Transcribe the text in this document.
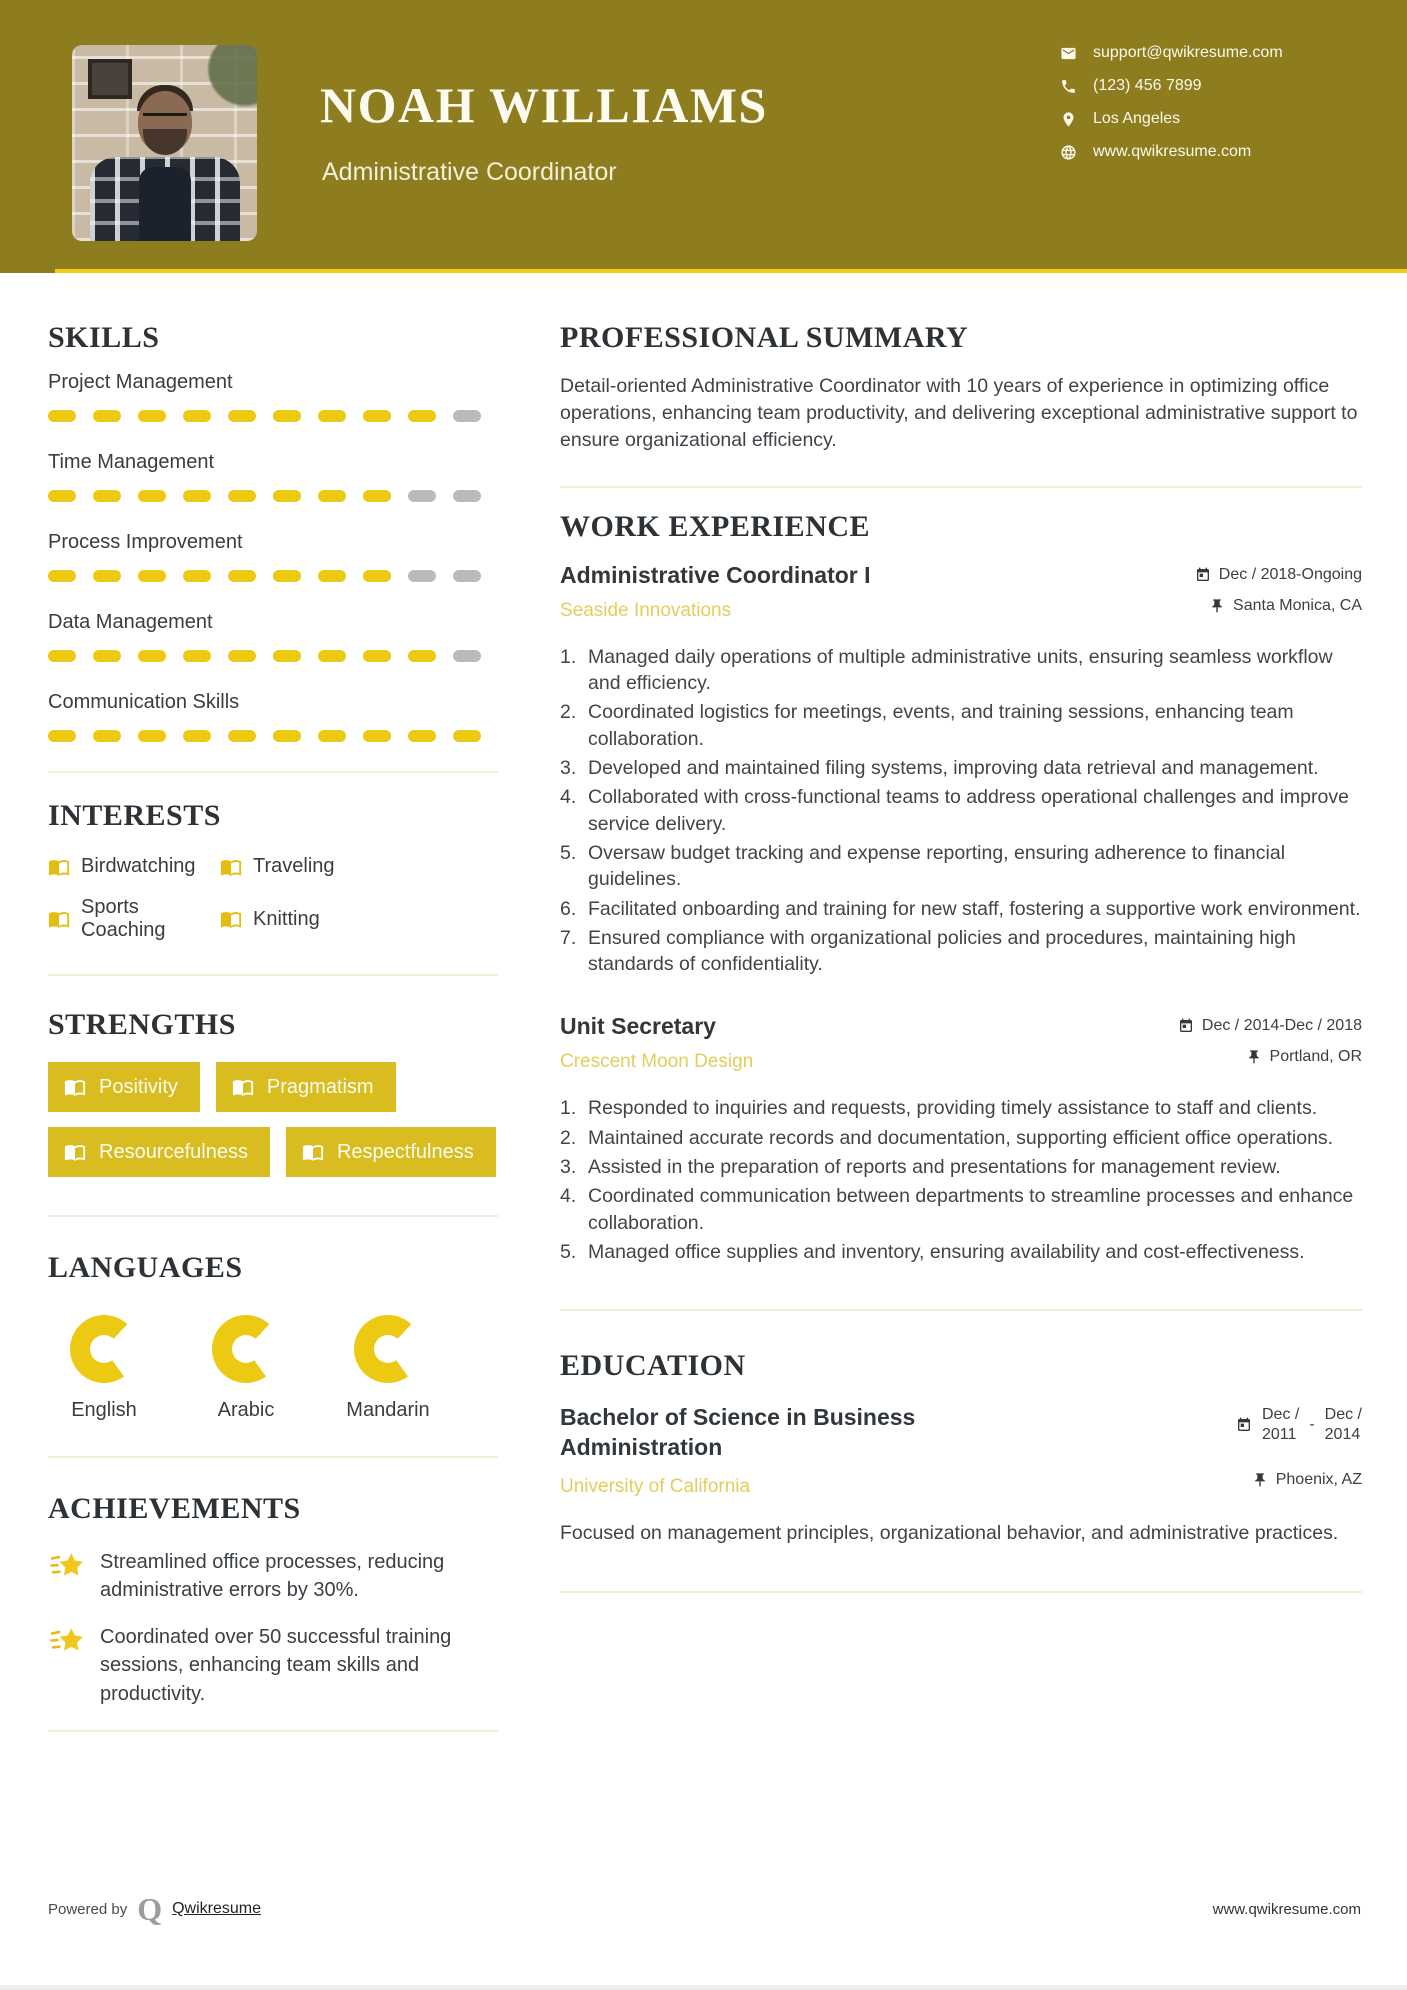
NOAH WILLIAMS
Administrative Coordinator
support@qwikresume.com
(123) 456 7899
Los Angeles
www.qwikresume.com
SKILLS
Project Management
Time Management
Process Improvement
Data Management
Communication Skills
INTERESTS
Birdwatching	Traveling
Sports Coaching
Knitting
STRENGTHS
Positivity	Pragmatism
Resourcefulness	Respectfulness
LANGUAGES
English	Arabic	Mandarin
ACHIEVEMENTS
Streamlined office processes, reducing administrative errors by 30%.
Coordinated over 50 successful training sessions, enhancing team skills and productivity.
PROFESSIONAL SUMMARY

Detail-oriented Administrative Coordinator with 10 years of experience in optimizing office operations, enhancing team productivity, and delivering exceptional administrative support to ensure organizational efficiency.

WORK EXPERIENCE
Administrative Coordinator I
Seaside Innovations
Dec / 2018-Ongoing
Santa Monica, CA
Managed daily operations of multiple administrative units, ensuring seamless workflow and efficiency.
Coordinated logistics for meetings, events, and training sessions, enhancing team collaboration.
Developed and maintained filing systems, improving data retrieval and management.
Collaborated with cross-functional teams to address operational challenges and improve service delivery.
Oversaw budget tracking and expense reporting, ensuring adherence to financial guidelines.
Facilitated onboarding and training for new staff, fostering a supportive work environment.
Ensured compliance with organizational policies and procedures, maintaining high standards of confidentiality.
Unit Secretary
Crescent Moon Design
Dec / 2014-Dec / 2018
Portland, OR
Responded to inquiries and requests, providing timely assistance to staff and clients.
Maintained accurate records and documentation, supporting efficient office operations.
Assisted in the preparation of reports and presentations for management review.
Coordinated communication between departments to streamline processes and enhance collaboration.
Managed office supplies and inventory, ensuring availability and cost-effectiveness.
EDUCATION
Bachelor of Science in Business Administration
University of California
Dec /
2011
-
Dec /
2014
Phoenix, AZ

Focused on management principles, organizational behavior, and administrative practices.

Powered by Q Qwikresume	www.qwikresume.com
